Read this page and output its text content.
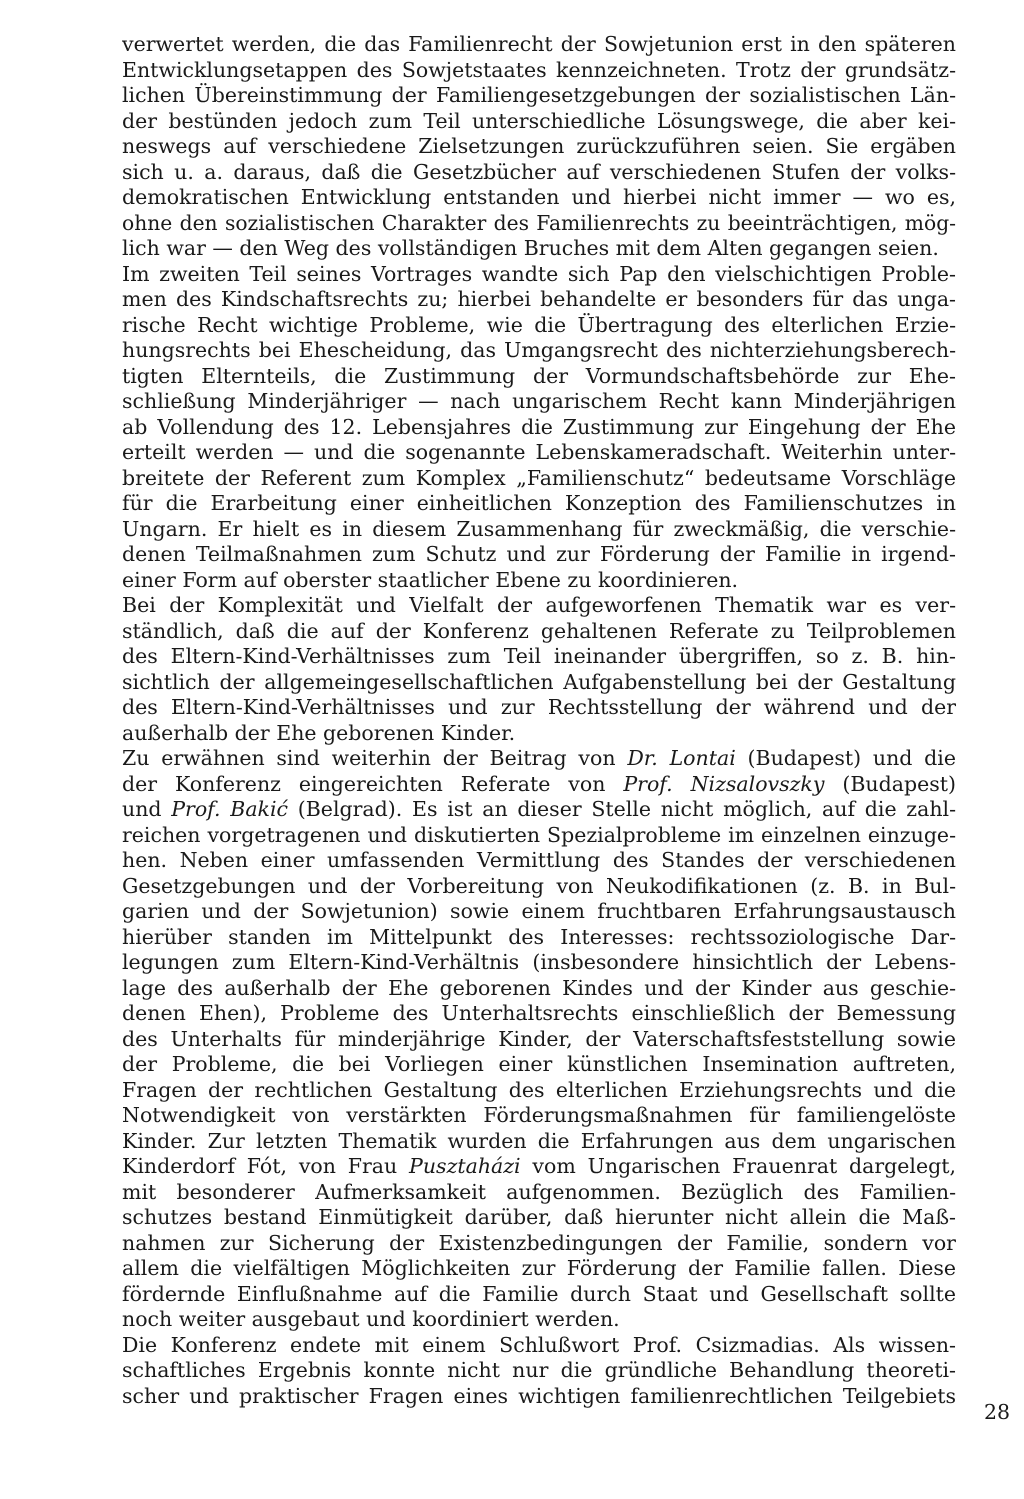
verwertet werden, die das Familienrecht der Sowjetunion erst in den späteren
Entwicklungsetappen des Sowjetstaates kennzeichneten. Trotz der grundsätz-
lichen Übereinstimmung der Familiengesetzgebungen der sozialistischen Län-
der bestünden jedoch zum Teil unterschiedliche Lösungswege, die aber kei-
neswegs auf verschiedene Zielsetzungen zurückzuführen seien. Sie ergäben
sich u. a. daraus, daß die Gesetzbücher auf verschiedenen Stufen der volks-
demokratischen Entwicklung entstanden und hierbei nicht immer — wo es,
ohne den sozialistischen Charakter des Familienrechts zu beeinträchtigen, mög-
lich war — den Weg des vollständigen Bruches mit dem Alten gegangen seien.
Im zweiten Teil seines Vortrages wandte sich Pap den vielschichtigen Proble-
men des Kindschaftsrechts zu; hierbei behandelte er besonders für das unga-
rische Recht wichtige Probleme, wie die Übertragung des elterlichen Erzie-
hungsrechts bei Ehescheidung, das Umgangsrecht des nichterziehungsberech-
tigten Elternteils, die Zustimmung der Vormundschaftsbehörde zur Ehe-
schließung Minderjähriger — nach ungarischem Recht kann Minderjährigen
ab Vollendung des 12. Lebensjahres die Zustimmung zur Eingehung der Ehe
erteilt werden — und die sogenannte Lebenskameradschaft. Weiterhin unter-
breitete der Referent zum Komplex „Familienschutz“ bedeutsame Vorschläge
für die Erarbeitung einer einheitlichen Konzeption des Familienschutzes in
Ungarn. Er hielt es in diesem Zusammenhang für zweckmäßig, die verschie-
denen Teilmaßnahmen zum Schutz und zur Förderung der Familie in irgend-
einer Form auf oberster staatlicher Ebene zu koordinieren.
Bei der Komplexität und Vielfalt der aufgeworfenen Thematik war es ver-
ständlich, daß die auf der Konferenz gehaltenen Referate zu Teilproblemen
des Eltern-Kind-Verhältnisses zum Teil ineinander übergriffen, so z. B. hin-
sichtlich der allgemeingesellschaftlichen Aufgabenstellung bei der Gestaltung
des Eltern-Kind-Verhältnisses und zur Rechtsstellung der während und der
außerhalb der Ehe geborenen Kinder.
Zu erwähnen sind weiterhin der Beitrag von Dr. Lontai (Budapest) und die
der Konferenz eingereichten Referate von Prof. Nizsalovszky (Budapest)
und Prof. Bakić (Belgrad). Es ist an dieser Stelle nicht möglich, auf die zahl-
reichen vorgetragenen und diskutierten Spezialprobleme im einzelnen einzuge-
hen. Neben einer umfassenden Vermittlung des Standes der verschiedenen
Gesetzgebungen und der Vorbereitung von Neukodifikationen (z. B. in Bul-
garien und der Sowjetunion) sowie einem fruchtbaren Erfahrungsaustausch
hierüber standen im Mittelpunkt des Interesses: rechtssoziologische Dar-
legungen zum Eltern-Kind-Verhältnis (insbesondere hinsichtlich der Lebens-
lage des außerhalb der Ehe geborenen Kindes und der Kinder aus geschie-
denen Ehen), Probleme des Unterhaltsrechts einschließlich der Bemessung
des Unterhalts für minderjährige Kinder, der Vaterschaftsfeststellung sowie
der Probleme, die bei Vorliegen einer künstlichen Insemination auftreten,
Fragen der rechtlichen Gestaltung des elterlichen Erziehungsrechts und die
Notwendigkeit von verstärkten Förderungsmaßnahmen für familiengelöste
Kinder. Zur letzten Thematik wurden die Erfahrungen aus dem ungarischen
Kinderdorf Fót, von Frau Pusztaházi vom Ungarischen Frauenrat dargelegt,
mit besonderer Aufmerksamkeit aufgenommen. Bezüglich des Familien-
schutzes bestand Einmütigkeit darüber, daß hierunter nicht allein die Maß-
nahmen zur Sicherung der Existenzbedingungen der Familie, sondern vor
allem die vielfältigen Möglichkeiten zur Förderung der Familie fallen. Diese
fördernde Einflußnahme auf die Familie durch Staat und Gesellschaft sollte
noch weiter ausgebaut und koordiniert werden.
Die Konferenz endete mit einem Schlußwort Prof. Csizmadias. Als wissen-
schaftliches Ergebnis konnte nicht nur die gründliche Behandlung theoreti-
scher und praktischer Fragen eines wichtigen familienrechtlichen Teilgebiets
28
